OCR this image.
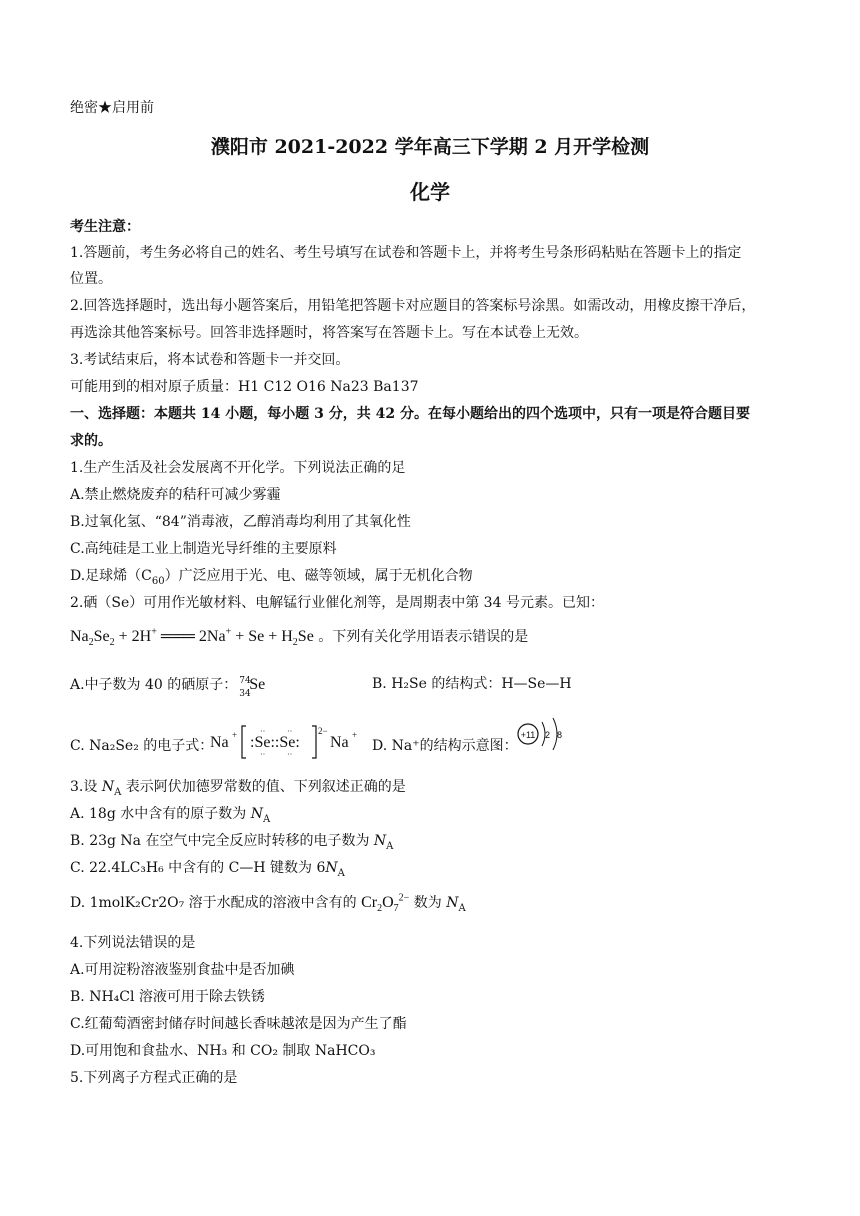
绝密★启用前
濮阳市 2021-2022 学年高三下学期 2 月开学检测
化学
考生注意：
1.答题前，考生务必将自己的姓名、考生号填写在试卷和答题卡上，并将考生号条形码粘贴在答题卡上的指定
位置。
2.回答选择题时，选出每小题答案后，用铅笔把答题卡对应题目的答案标号涂黑。如需改动，用橡皮擦干净后，
再选涂其他答案标号。回答非选择题时，将答案写在答题卡上。写在本试卷上无效。
3.考试结束后，将本试卷和答题卡一并交回。
可能用到的相对原子质量：H1 C12 O16 Na23 Ba137
一、选择题：本题共 14 小题，每小题 3 分，共 42 分。在每小题给出的四个选项中，只有一项是符合题目要
求的。
1.生产生活及社会发展离不开化学。下列说法正确的足
A.禁止燃烧废弃的秸秆可减少雾霾
B.过氧化氢、“84”消毒液，乙醇消毒均利用了其氧化性
C.高纯硅是工业上制造光导纤维的主要原料
D.足球烯$(C_{60})$广泛应用于光、电、磁等领域，属于无机化合物
2.硒（Se）可用作光敏材料、电解锰行业催化剂等，是周期表中第 34 号元素。已知：
$Na_2Se_2 + 2H^+$ ═══ $2Na^+ + Se + H_2Se$ 。下列有关化学用语表示错误的是
A.中子数为 40 的硒原子： 74
34
Se	B. H₂Se 的结构式：H—Se—H
C. Na₂Se₂ 的电子式：
Na + :Se::Se:
··	··
··	··
2−
Na +
D. Na⁺的结构示意图：
+11 2 8
3.设 $N_A$ 表示阿伏加德罗常数的值、下列叙述正确的是
A. 18g 水中含有的原子数为 $N_A$
B. 23g Na 在空气中完全反应时转移的电子数为 $N_A$
C. 22.4LC₃H₆ 中含有的 C—H 键数为 $6N_A$
D. 1molK₂Cr2O₇ 溶于水配成的溶液中含有的 $Cr_2O_7^{2-}$ 数为 $N_A$
4.下列说法错误的是
A.可用淀粉溶液鉴别食盐中是否加碘
B. NH₄Cl 溶液可用于除去铁锈
C.红葡萄酒密封储存时间越长香味越浓是因为产生了酯
D.可用饱和食盐水、NH₃ 和 CO₂ 制取 NaHCO₃
5.下列离子方程式正确的是
